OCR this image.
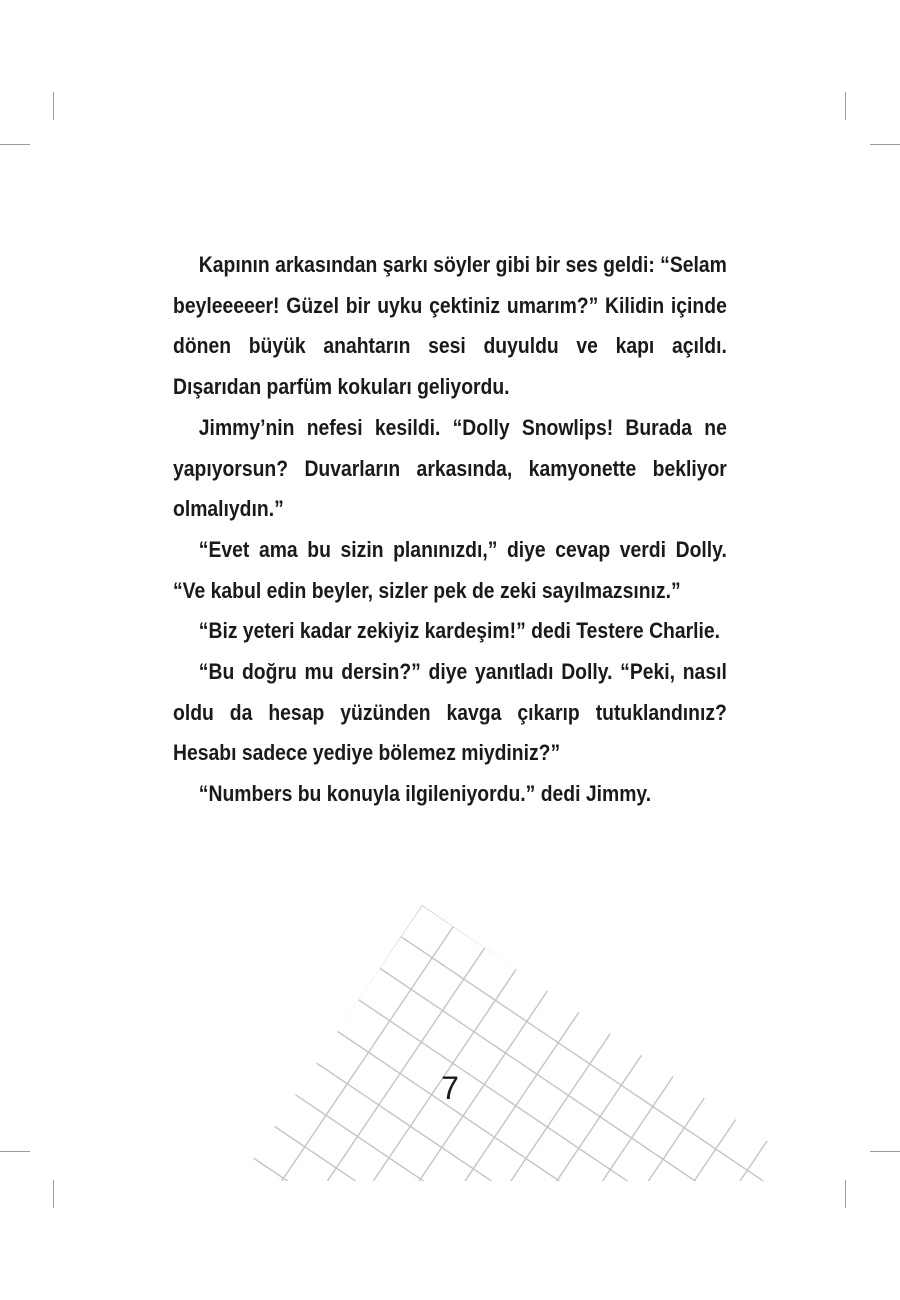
Kapının arkasından şarkı söyler gibi bir ses geldi: “Selam beyleeeeer! Güzel bir uyku çektiniz umarım?” Kilidin içinde dönen büyük anahtarın sesi duyuldu ve kapı açıldı. Dışarıdan parfüm kokuları geliyordu.

Jimmy’nin nefesi kesildi. “Dolly Snowlips! Burada ne yapıyorsun? Duvarların arkasında, kamyonette bekliyor olmalıydın.”

“Evet ama bu sizin planınızdı,” diye cevap verdi Dolly. “Ve kabul edin beyler, sizler pek de zeki sayılmazsınız.”

“Biz yeteri kadar zekiyiz kardeşim!” dedi Testere Charlie.

“Bu doğru mu dersin?” diye yanıtladı Dolly. “Peki, nasıl oldu da hesap yüzünden kavga çıkarıp tutuklandınız? Hesabı sadece yediye bölemez miydiniz?”

“Numbers bu konuyla ilgileniyordu.” dedi Jimmy.

7
